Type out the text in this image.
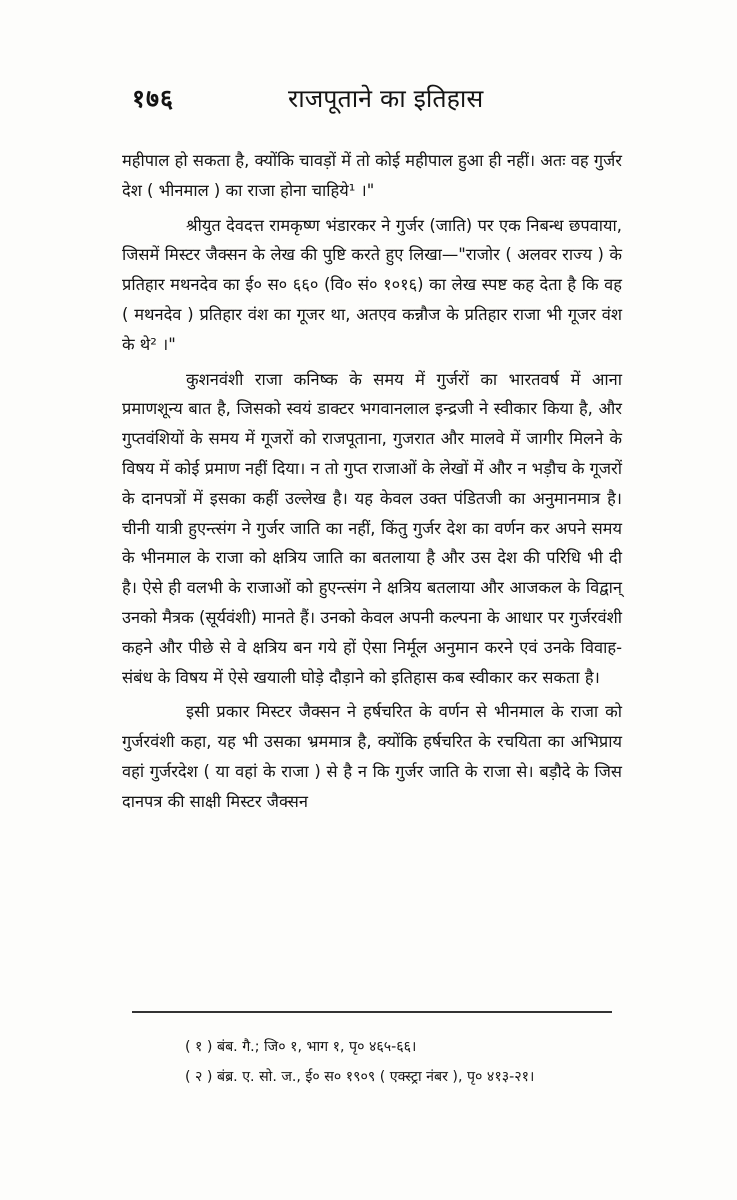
१७६	राजपूताने का इतिहास

महीपाल हो सकता है, क्योंकि चावड़ों में तो कोई महीपाल हुआ ही नहीं। अतः वह गुर्जर देश ( भीनमाल ) का राजा होना चाहिये¹ ।"

श्रीयुत देवदत्त रामकृष्ण भंडारकर ने गुर्जर (जाति) पर एक निबन्ध छपवाया, जिसमें मिस्टर जैक्सन के लेख की पुष्टि करते हुए लिखा—"राजोर ( अलवर राज्य ) के प्रतिहार मथनदेव का ई० स० ६६० (वि० सं० १०१६) का लेख स्पष्ट कह देता है कि वह ( मथनदेव ) प्रतिहार वंश का गूजर था, अतएव कन्नौज के प्रतिहार राजा भी गूजर वंश के थे² ।"

कुशनवंशी राजा कनिष्क के समय में गुर्जरों का भारतवर्ष में आना प्रमाणशून्य बात है, जिसको स्वयं डाक्टर भगवानलाल इन्द्रजी ने स्वीकार किया है, और गुप्तवंशियों के समय में गूजरों को राजपूताना, गुजरात और मालवे में जागीर मिलने के विषय में कोई प्रमाण नहीं दिया। न तो गुप्त राजाओं के लेखों में और न भड़ौच के गूजरों के दानपत्रों में इसका कहीं उल्लेख है। यह केवल उक्त पंडितजी का अनुमानमात्र है। चीनी यात्री हुएन्त्संग ने गुर्जर जाति का नहीं, किंतु गुर्जर देश का वर्णन कर अपने समय के भीनमाल के राजा को क्षत्रिय जाति का बतलाया है और उस देश की परिधि भी दी है। ऐसे ही वलभी के राजाओं को हुएन्त्संग ने क्षत्रिय बतलाया और आजकल के विद्वान् उनको मैत्रक (सूर्यवंशी) मानते हैं। उनको केवल अपनी कल्पना के आधार पर गुर्जरवंशी कहने और पीछे से वे क्षत्रिय बन गये हों ऐसा निर्मूल अनुमान करने एवं उनके विवाह-संबंध के विषय में ऐसे खयाली घोड़े दौड़ाने को इतिहास कब स्वीकार कर सकता है।

इसी प्रकार मिस्टर जैक्सन ने हर्षचरित के वर्णन से भीनमाल के राजा को गुर्जरवंशी कहा, यह भी उसका भ्रममात्र है, क्योंकि हर्षचरित के रचयिता का अभिप्राय वहां गुर्जरदेश ( या वहां के राजा ) से है न कि गुर्जर जाति के राजा से। बड़ौदे के जिस दानपत्र की साक्षी मिस्टर जैक्सन

( १ ) बंब. गै.; जि० १, भाग १, पृ० ४६५-६६।
( २ ) बंब्र. ए. सो. ज., ई० स० १९०९ ( एक्स्ट्रा नंबर ), पृ० ४१३-२१।
